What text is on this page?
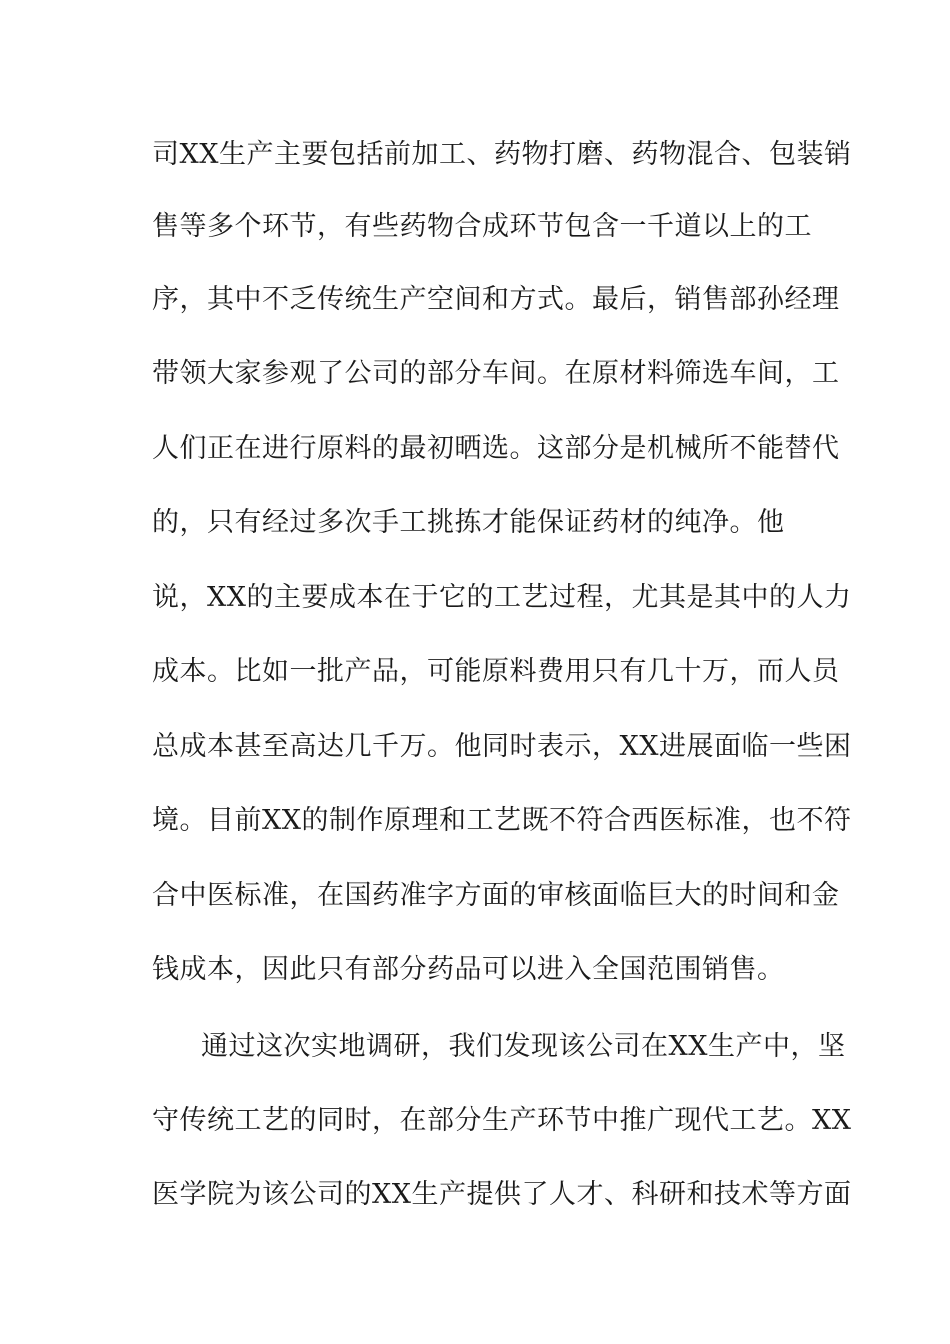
司XX生产主要包括前加工、药物打磨、药物混合、包装销
售等多个环节，有些药物合成环节包含一千道以上的工
序，其中不乏传统生产空间和方式。最后，销售部孙经理
带领大家参观了公司的部分车间。在原材料筛选车间，工
人们正在进行原料的最初晒选。这部分是机械所不能替代
的，只有经过多次手工挑拣才能保证药材的纯净。他
说，XX的主要成本在于它的工艺过程，尤其是其中的人力
成本。比如一批产品，可能原料费用只有几十万，而人员
总成本甚至高达几千万。他同时表示，XX进展面临一些困
境。目前XX的制作原理和工艺既不符合西医标准，也不符
合中医标准，在国药准字方面的审核面临巨大的时间和金
钱成本，因此只有部分药品可以进入全国范围销售。
通过这次实地调研，我们发现该公司在XX生产中，坚
守传统工艺的同时，在部分生产环节中推广现代工艺。XX
医学院为该公司的XX生产提供了人才、科研和技术等方面
